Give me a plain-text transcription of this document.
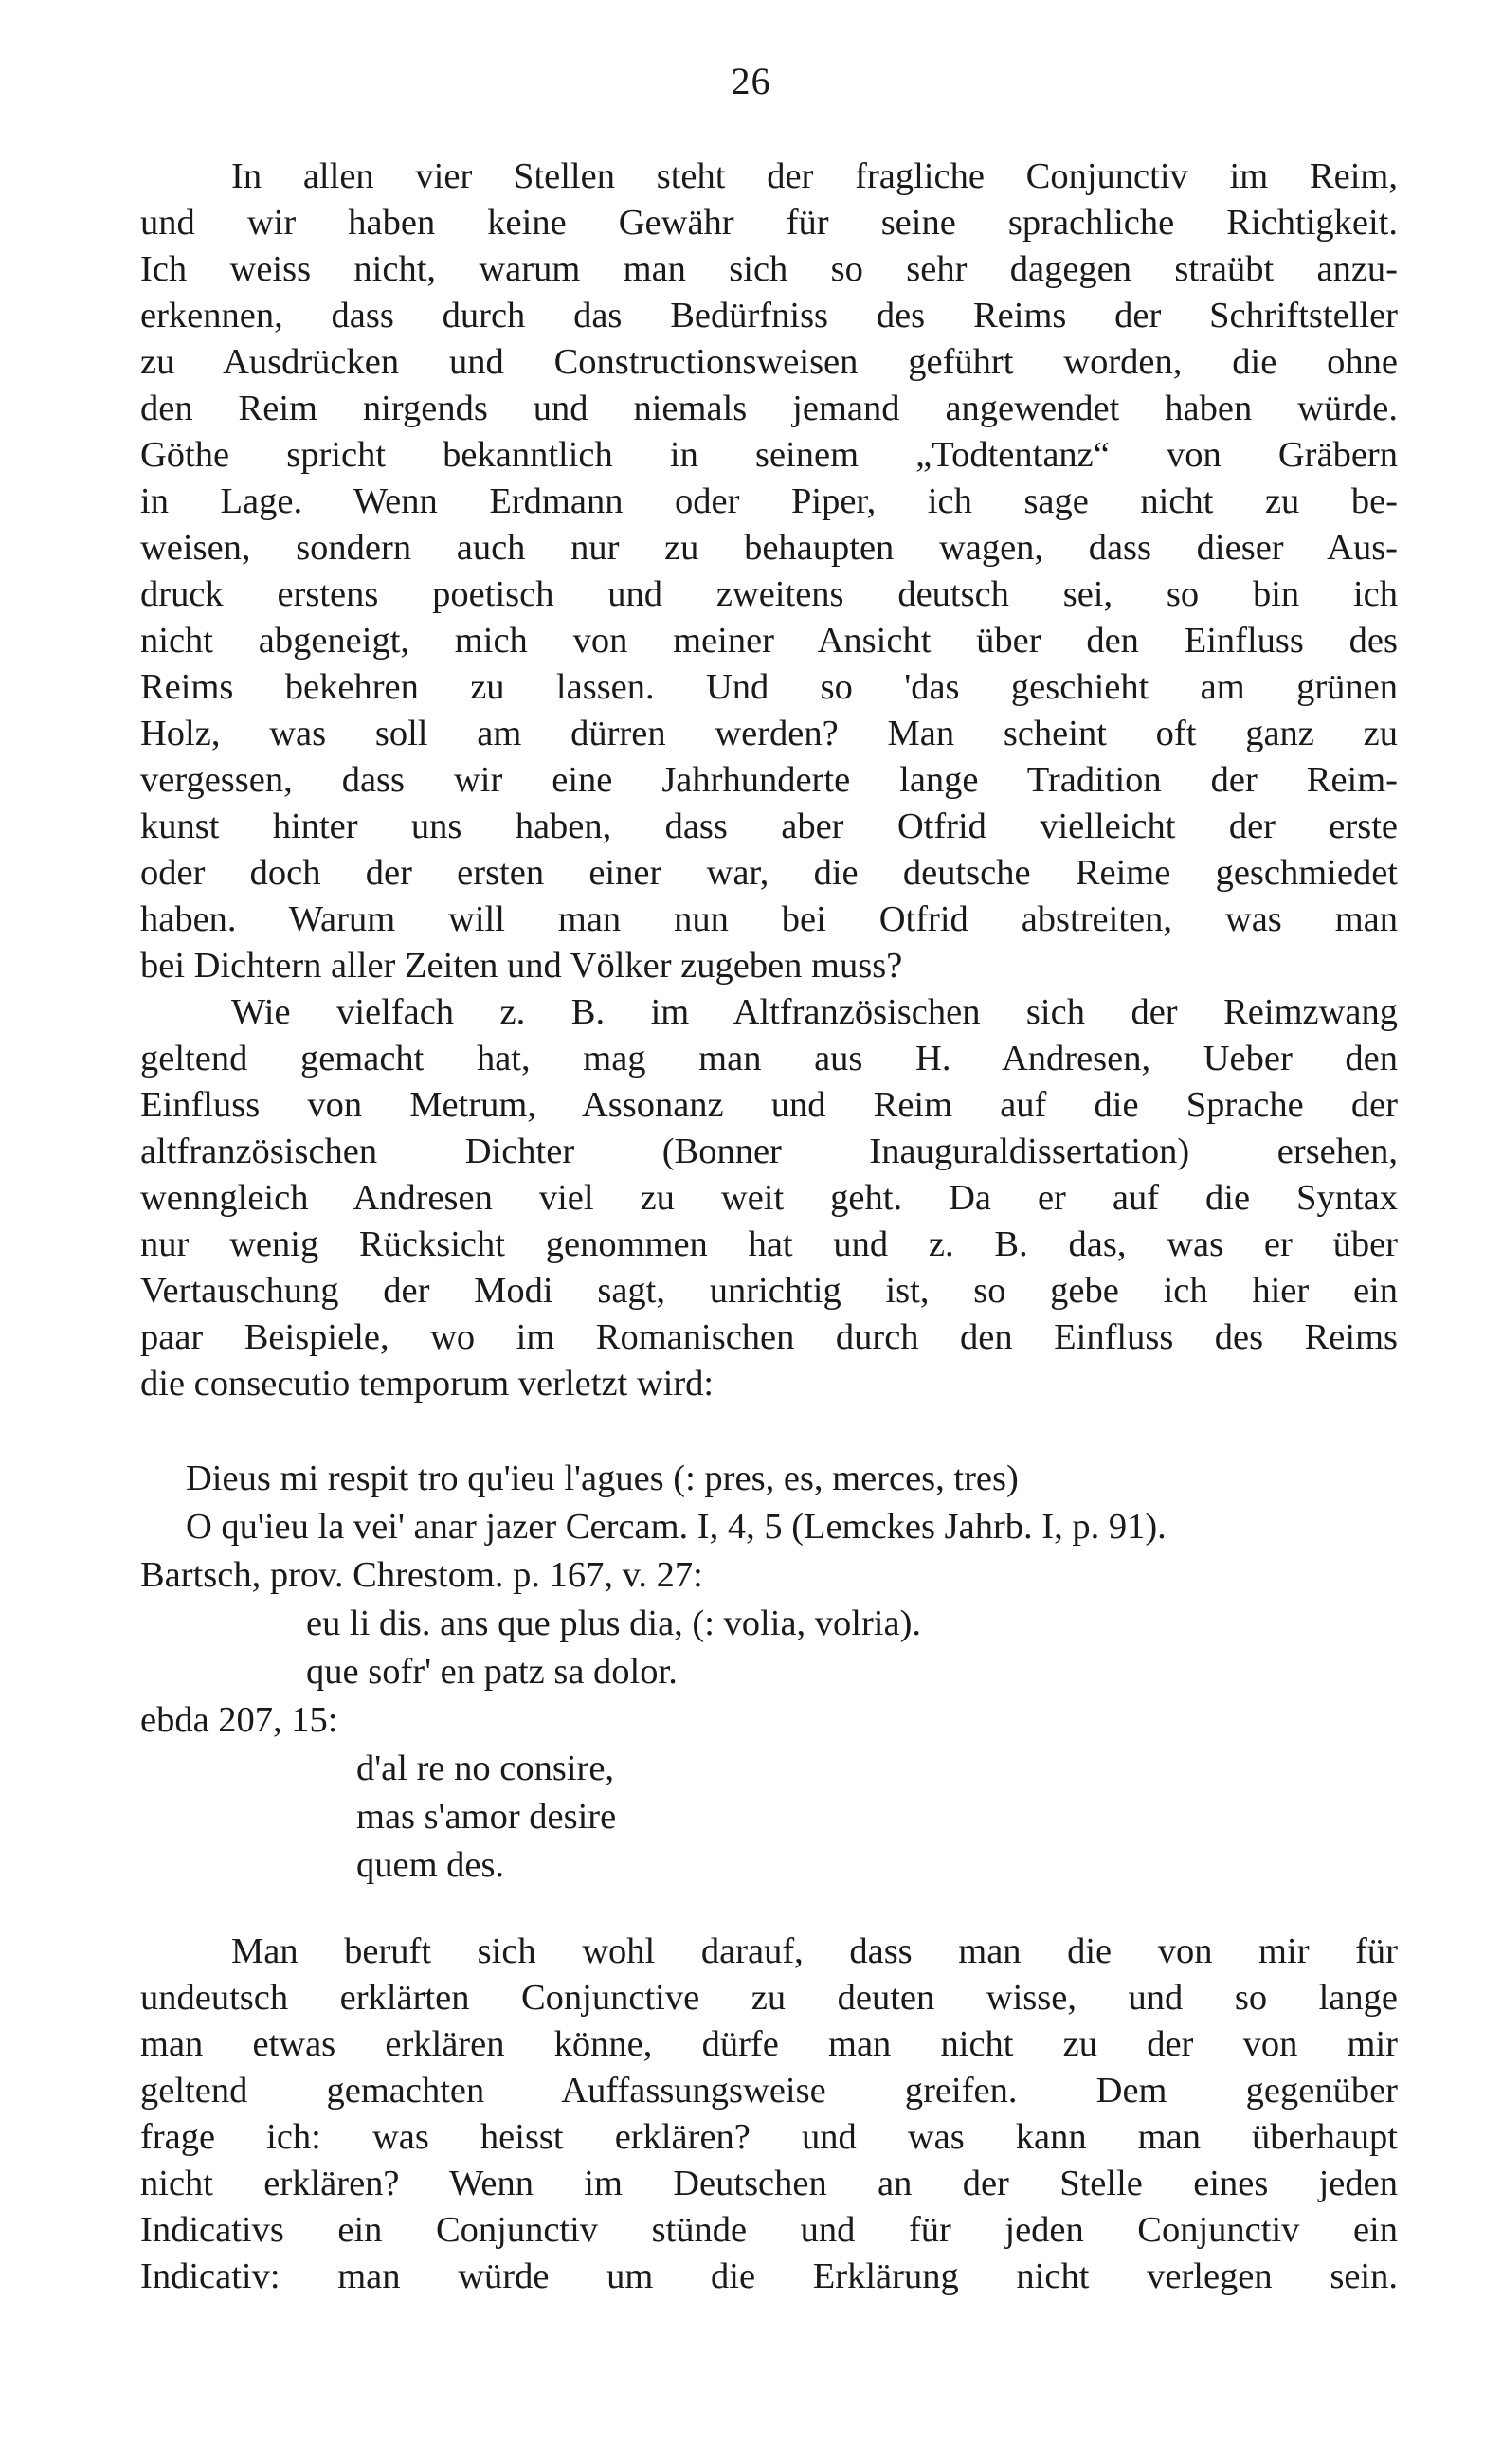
26
In allen vier Stellen steht der fragliche Conjunctiv im Reim,
und wir haben keine Gewähr für seine sprachliche Richtigkeit.
Ich weiss nicht, warum man sich so sehr dagegen straübt anzu-
erkennen, dass durch das Bedürfniss des Reims der Schriftsteller
zu Ausdrücken und Constructionsweisen geführt worden, die ohne
den Reim nirgends und niemals jemand angewendet haben würde.
Göthe spricht bekanntlich in seinem „Todtentanz“ von Gräbern
in Lage. Wenn Erdmann oder Piper, ich sage nicht zu be-
weisen, sondern auch nur zu behaupten wagen, dass dieser Aus-
druck erstens poetisch und zweitens deutsch sei, so bin ich
nicht abgeneigt, mich von meiner Ansicht über den Einfluss des
Reims bekehren zu lassen. Und so 'das geschieht am grünen
Holz, was soll am dürren werden? Man scheint oft ganz zu
vergessen, dass wir eine Jahrhunderte lange Tradition der Reim-
kunst hinter uns haben, dass aber Otfrid vielleicht der erste
oder doch der ersten einer war, die deutsche Reime geschmiedet
haben. Warum will man nun bei Otfrid abstreiten, was man
bei Dichtern aller Zeiten und Völker zugeben muss?
Wie vielfach z. B. im Altfranzösischen sich der Reimzwang
geltend gemacht hat, mag man aus H. Andresen, Ueber den
Einfluss von Metrum, Assonanz und Reim auf die Sprache der
altfranzösischen Dichter (Bonner Inauguraldissertation) ersehen,
wenngleich Andresen viel zu weit geht. Da er auf die Syntax
nur wenig Rücksicht genommen hat und z. B. das, was er über
Vertauschung der Modi sagt, unrichtig ist, so gebe ich hier ein
paar Beispiele, wo im Romanischen durch den Einfluss des Reims
die consecutio temporum verletzt wird:
Dieus mi respit tro qu'ieu l'agues (: pres, es, merces, tres)
O qu'ieu la vei' anar jazer Cercam. I, 4, 5 (Lemckes Jahrb. I, p. 91).
Bartsch, prov. Chrestom. p. 167, v. 27:
eu li dis. ans que plus dia, (: volia, volria).
que sofr' en patz sa dolor.
ebda 207, 15:
d'al re no consire,
mas s'amor desire
quem des.
Man beruft sich wohl darauf, dass man die von mir für
undeutsch erklärten Conjunctive zu deuten wisse, und so lange
man etwas erklären könne, dürfe man nicht zu der von mir
geltend gemachten Auffassungsweise greifen. Dem gegenüber
frage ich: was heisst erklären? und was kann man überhaupt
nicht erklären? Wenn im Deutschen an der Stelle eines jeden
Indicativs ein Conjunctiv stünde und für jeden Conjunctiv ein
Indicativ: man würde um die Erklärung nicht verlegen sein.
